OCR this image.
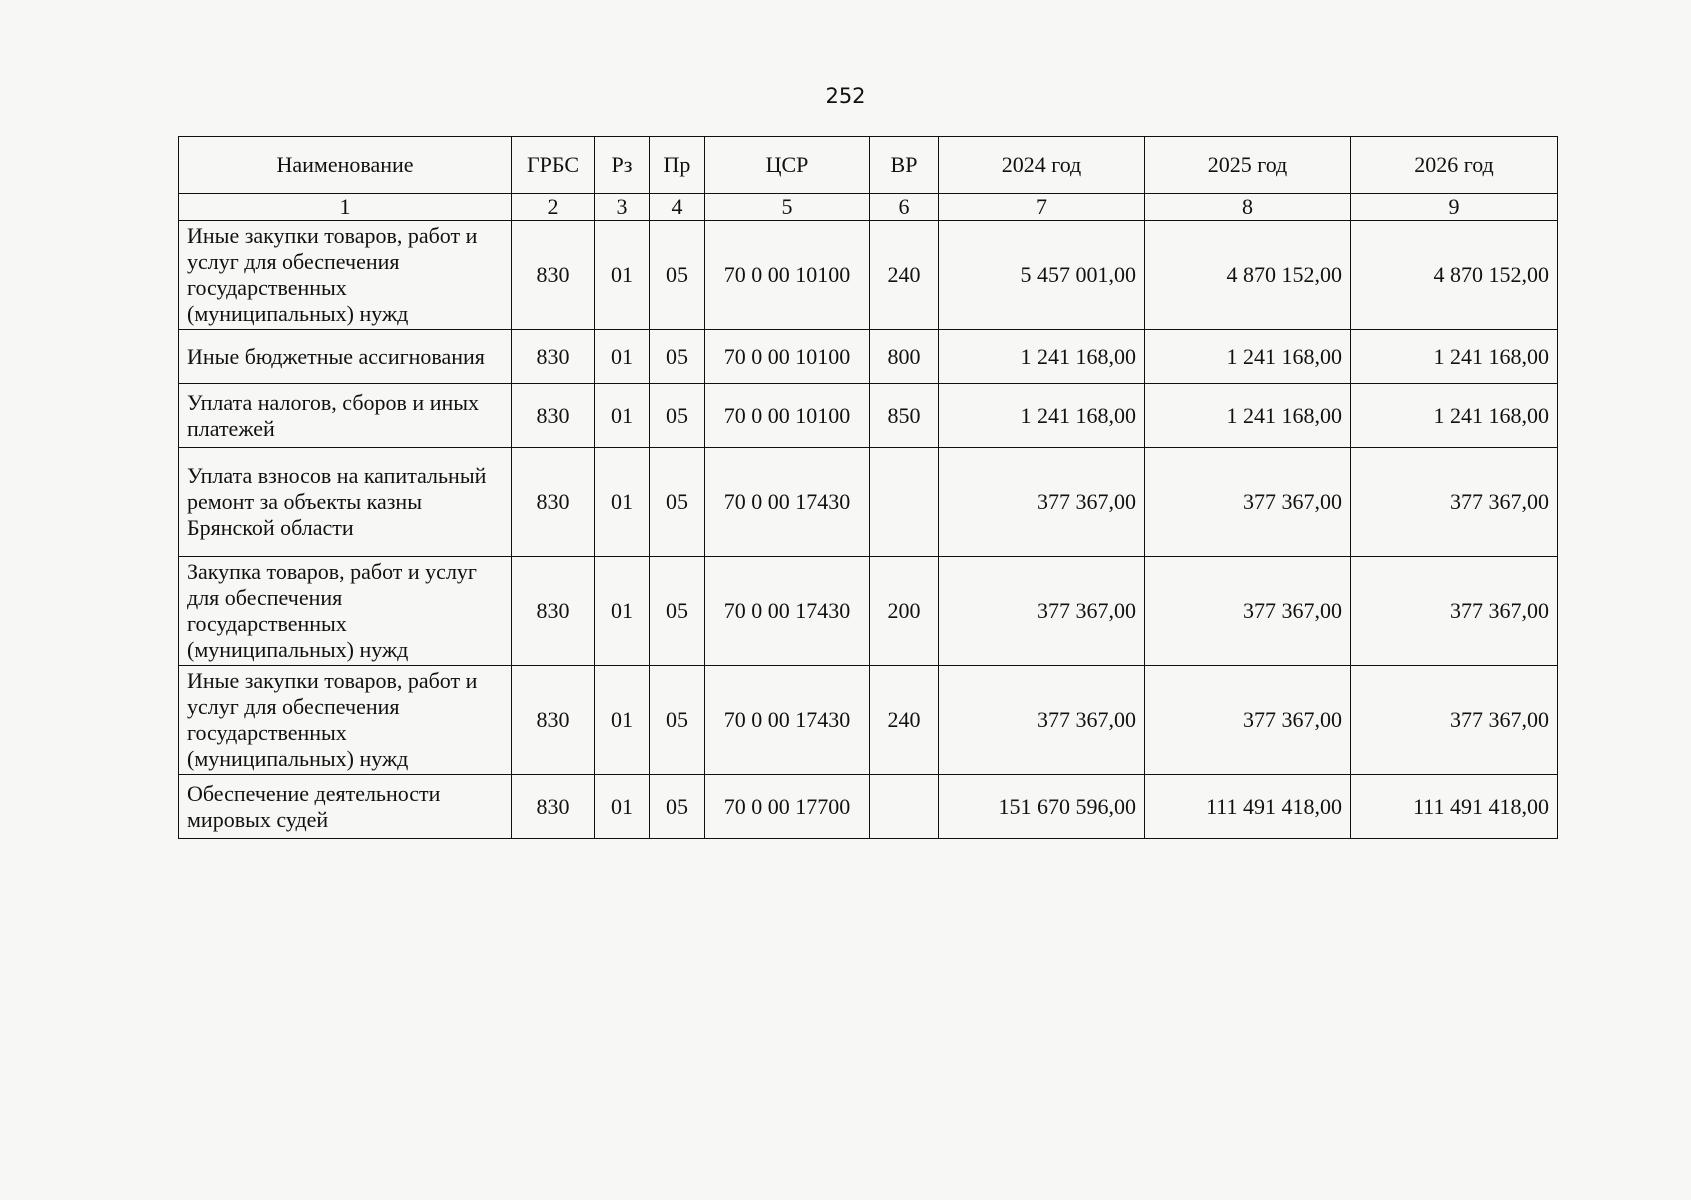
252
Наименование	ГРБС	Рз	Пр	ЦСР	ВР	2024 год	2025 год	2026 год
1	2	3	4	5	6	7	8	9
Иные закупки товаров, работ и услуг для обеспечения государственных (муниципальных) нужд	830	01	05	70 0 00 10100	240	5 457 001,00	4 870 152,00	4 870 152,00
Иные бюджетные ассигнования	830	01	05	70 0 00 10100	800	1 241 168,00	1 241 168,00	1 241 168,00
Уплата налогов, сборов и иных платежей	830	01	05	70 0 00 10100	850	1 241 168,00	1 241 168,00	1 241 168,00
Уплата взносов на капитальный ремонт за объекты казны Брянской области	830	01	05	70 0 00 17430		377 367,00	377 367,00	377 367,00
Закупка товаров, работ и услуг для обеспечения государственных (муниципальных) нужд	830	01	05	70 0 00 17430	200	377 367,00	377 367,00	377 367,00
Иные закупки товаров, работ и услуг для обеспечения государственных (муниципальных) нужд	830	01	05	70 0 00 17430	240	377 367,00	377 367,00	377 367,00
Обеспечение деятельности мировых судей	830	01	05	70 0 00 17700		151 670 596,00	111 491 418,00	111 491 418,00
